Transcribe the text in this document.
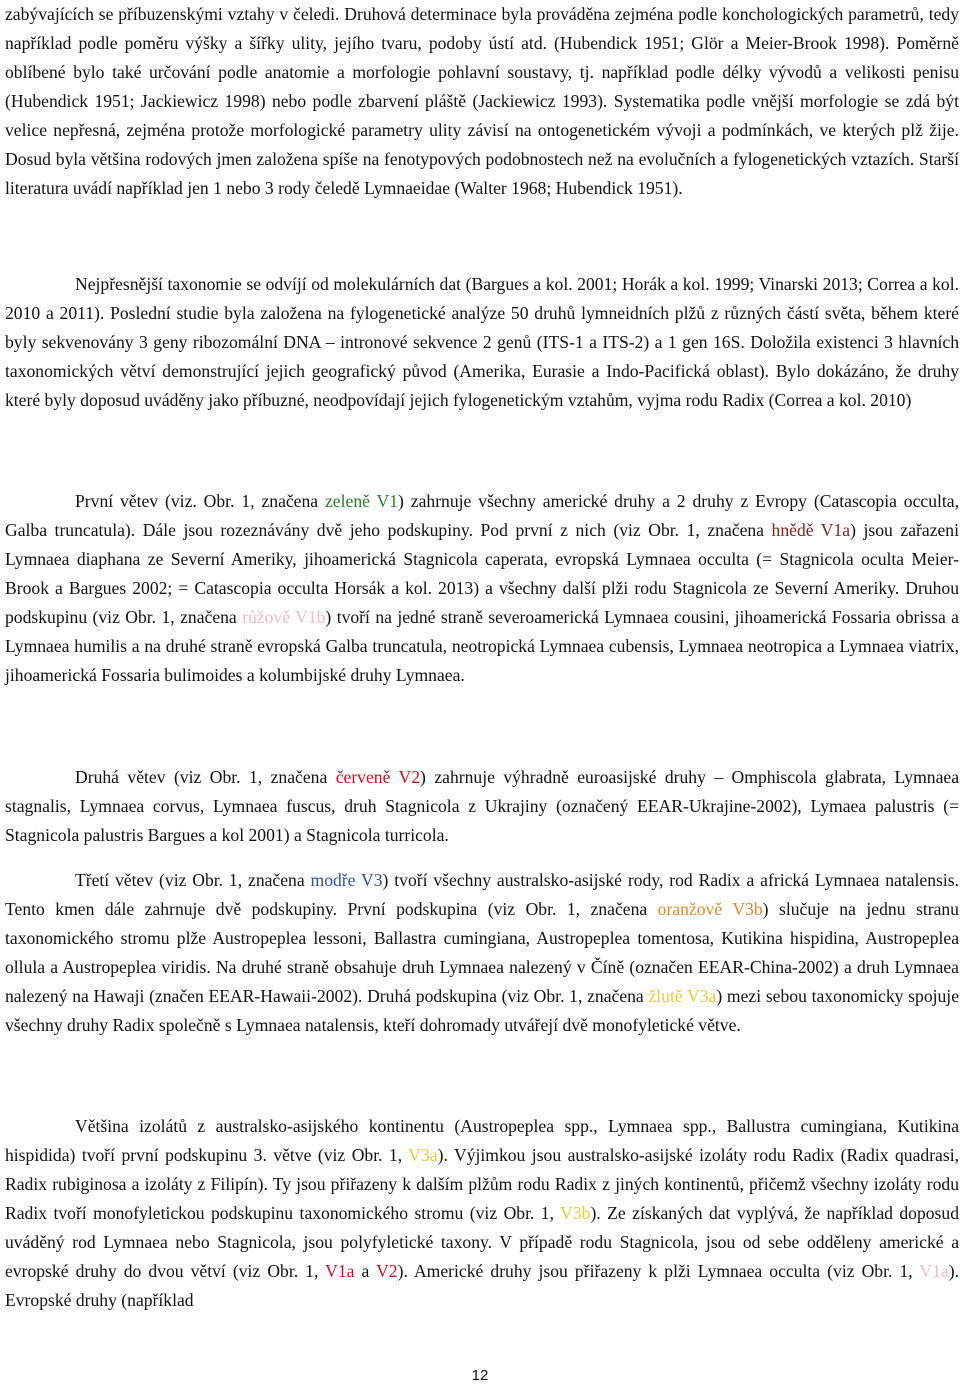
zabývajících se příbuzenskými vztahy v čeledi. Druhová determinace byla prováděna zejména podle konchologických parametrů, tedy například podle poměru výšky a šířky ulity, jejího tvaru, podoby ústí atd. (Hubendick 1951; Glör a Meier-Brook 1998). Poměrně oblíbené bylo také určování podle anatomie a morfologie pohlavní soustavy, tj. například podle délky vývodů a velikosti penisu (Hubendick 1951; Jackiewicz 1998) nebo podle zbarvení pláště (Jackiewicz 1993). Systematika podle vnější morfologie se zdá být velice nepřesná, zejména protože morfologické parametry ulity závisí na ontogenetickém vývoji a podmínkách, ve kterých plž žije. Dosud byla většina rodových jmen založena spíše na fenotypových podobnostech než na evolučních a fylogenetických vztazích. Starší literatura uvádí například jen 1 nebo 3 rody čeledě Lymnaeidae (Walter 1968; Hubendick 1951).

Nejpřesnější taxonomie se odvíjí od molekulárních dat (Bargues a kol. 2001; Horák a kol. 1999; Vinarski 2013; Correa a kol. 2010 a 2011). Poslední studie byla založena na fylogenetické analýze 50 druhů lymneidních plžů z různých částí světa, během které byly sekvenovány 3 geny ribozomální DNA – intronové sekvence 2 genů (ITS-1 a ITS-2) a 1 gen 16S. Doložila existenci 3 hlavních taxonomických větví demonstrující jejich geografický původ (Amerika, Eurasie a Indo-Pacifická oblast). Bylo dokázáno, že druhy které byly doposud uváděny jako příbuzné, neodpovídají jejich fylogenetickým vztahům, vyjma rodu Radix (Correa a kol. 2010)

První větev (viz. Obr. 1, značena zeleně V1) zahrnuje všechny americké druhy a 2 druhy z Evropy (Catascopia occulta, Galba truncatula). Dále jsou rozeznávány dvě jeho podskupiny. Pod první z nich (viz Obr. 1, značena hnědě V1a) jsou zařazeni Lymnaea diaphana ze Severní Ameriky, jihoamerická Stagnicola caperata, evropská Lymnaea occulta (= Stagnicola oculta Meier-Brook a Bargues 2002; = Catascopia occulta Horsák a kol. 2013) a všechny další plži rodu Stagnicola ze Severní Ameriky. Druhou podskupinu (viz Obr. 1, značena růžově V1b) tvoří na jedné straně severoamerická Lymnaea cousini, jihoamerická Fossaria obrissa a Lymnaea humilis a na druhé straně evropská Galba truncatula, neotropická Lymnaea cubensis, Lymnaea neotropica a Lymnaea viatrix, jihoamerická Fossaria bulimoides a kolumbijské druhy Lymnaea.

Druhá větev (viz Obr. 1, značena červeně V2) zahrnuje výhradně euroasijské druhy – Omphiscola glabrata, Lymnaea stagnalis, Lymnaea corvus, Lymnaea fuscus, druh Stagnicola z Ukrajiny (označený EEAR-Ukrajine-2002), Lymaea palustris (= Stagnicola palustris Bargues a kol 2001) a Stagnicola turricola.

Třetí větev (viz Obr. 1, značena modře V3) tvoří všechny australsko-asijské rody, rod Radix a africká Lymnaea natalensis. Tento kmen dále zahrnuje dvě podskupiny. První podskupina (viz Obr. 1, značena oranžově V3b) slučuje na jednu stranu taxonomického stromu plže Austropeplea lessoni, Ballastra cumingiana, Austropeplea tomentosa, Kutikina hispidina, Austropeplea ollula a Austropeplea viridis. Na druhé straně obsahuje druh Lymnaea nalezený v Číně (označen EEAR-China-2002) a druh Lymnaea nalezený na Hawaji (značen EEAR-Hawaii-2002). Druhá podskupina (viz Obr. 1, značena žlutě V3a) mezi sebou taxonomicky spojuje všechny druhy Radix společně s Lymnaea natalensis, kteří dohromady utvářejí dvě monofyletické větve.

Většina izolátů z australsko-asijského kontinentu (Austropeplea spp., Lymnaea spp., Ballustra cumingiana, Kutikina hispidida) tvoří první podskupinu 3. větve (viz Obr. 1, V3a). Výjimkou jsou australsko-asijské izoláty rodu Radix (Radix quadrasi, Radix rubiginosa a izoláty z Filipín). Ty jsou přiřazeny k dalším plžům rodu Radix z jiných kontinentů, přičemž všechny izoláty rodu Radix tvoří monofyletickou podskupinu taxonomického stromu (viz Obr. 1, V3b). Ze získaných dat vyplývá, že například doposud uváděný rod Lymnaea nebo Stagnicola, jsou polyfyletické taxony. V případě rodu Stagnicola, jsou od sebe odděleny americké a evropské druhy do dvou větví (viz Obr. 1, V1a a V2). Americké druhy jsou přiřazeny k plži Lymnaea occulta (viz Obr. 1, V1a). Evropské druhy (například

12
